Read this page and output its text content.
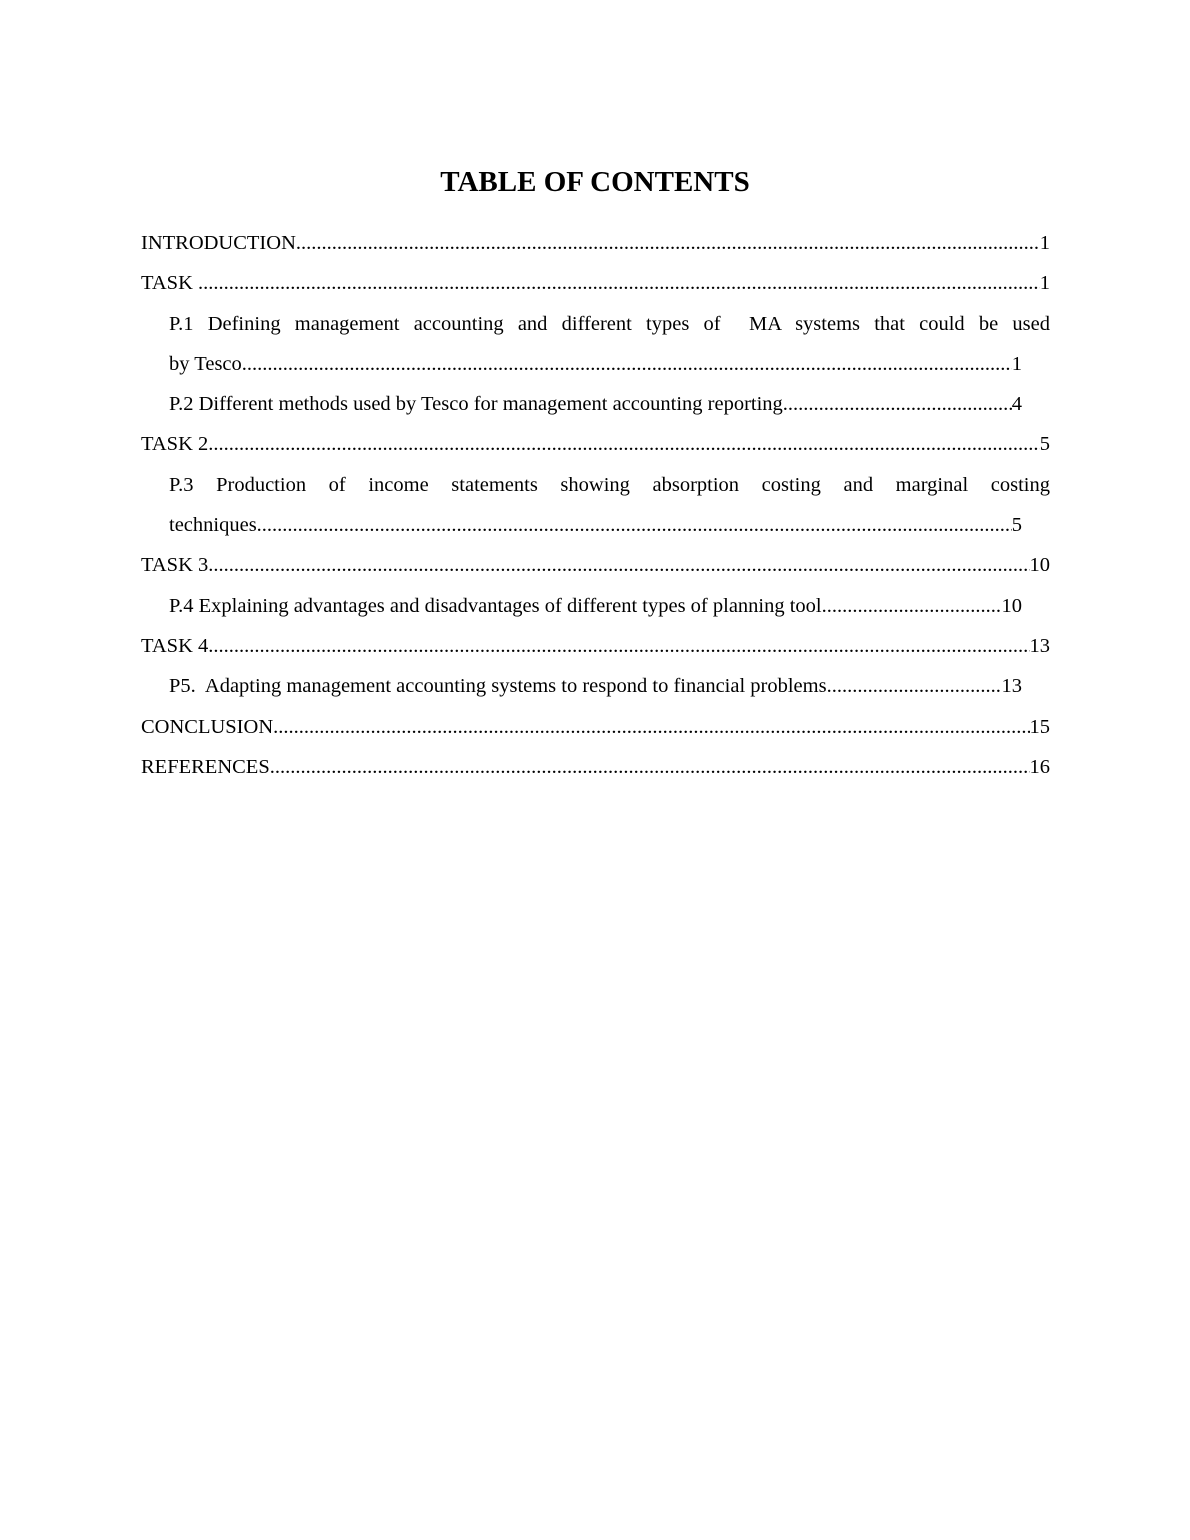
TABLE OF CONTENTS
INTRODUCTION .....	1
TASK .....	1
P.1 Defining management accounting and different types of  MA systems that could be used
by Tesco .....	1
P.2 Different methods used by Tesco for management accounting reporting .....	4
TASK 2 .....	5
P.3 Production of income statements showing absorption costing and marginal costing
techniques .....	5
TASK 3 .....	10
P.4 Explaining advantages and disadvantages of different types of planning tool .....	10
TASK 4 .....	13
P5.  Adapting management accounting systems to respond to financial problems .....	13
CONCLUSION .....	15
REFERENCES .....	16
